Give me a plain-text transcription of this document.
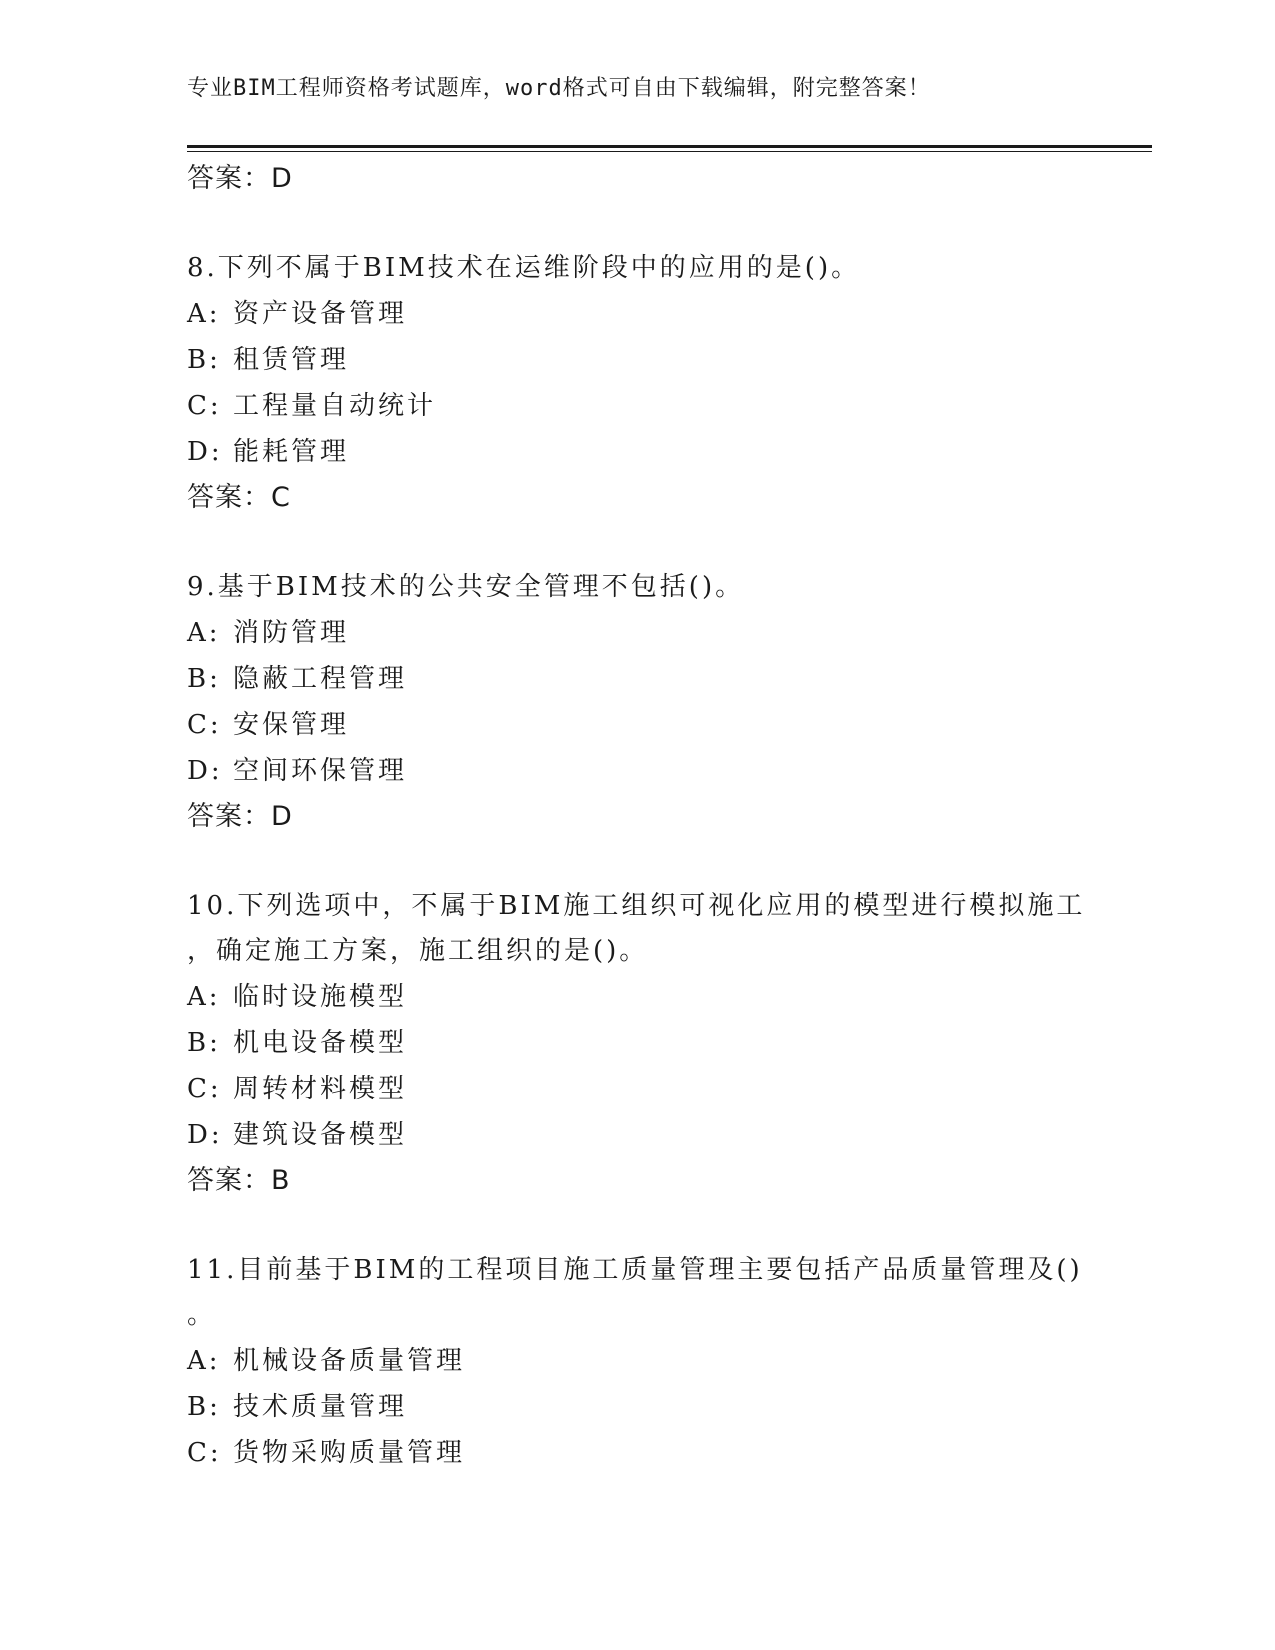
专业BIM工程师资格考试题库，word格式可自由下载编辑，附完整答案！
答案：D
8.下列不属于BIM技术在运维阶段中的应用的是()。
A: 资产设备管理
B: 租赁管理
C: 工程量自动统计
D: 能耗管理
答案：C
9.基于BIM技术的公共安全管理不包括()。
A: 消防管理
B: 隐蔽工程管理
C: 安保管理
D: 空间环保管理
答案：D
10.下列选项中，不属于BIM施工组织可视化应用的模型进行模拟施工
，确定施工方案，施工组织的是()。
A: 临时设施模型
B: 机电设备模型
C: 周转材料模型
D: 建筑设备模型
答案：B
11.目前基于BIM的工程项目施工质量管理主要包括产品质量管理及()
。
A: 机械设备质量管理
B: 技术质量管理
C: 货物采购质量管理
